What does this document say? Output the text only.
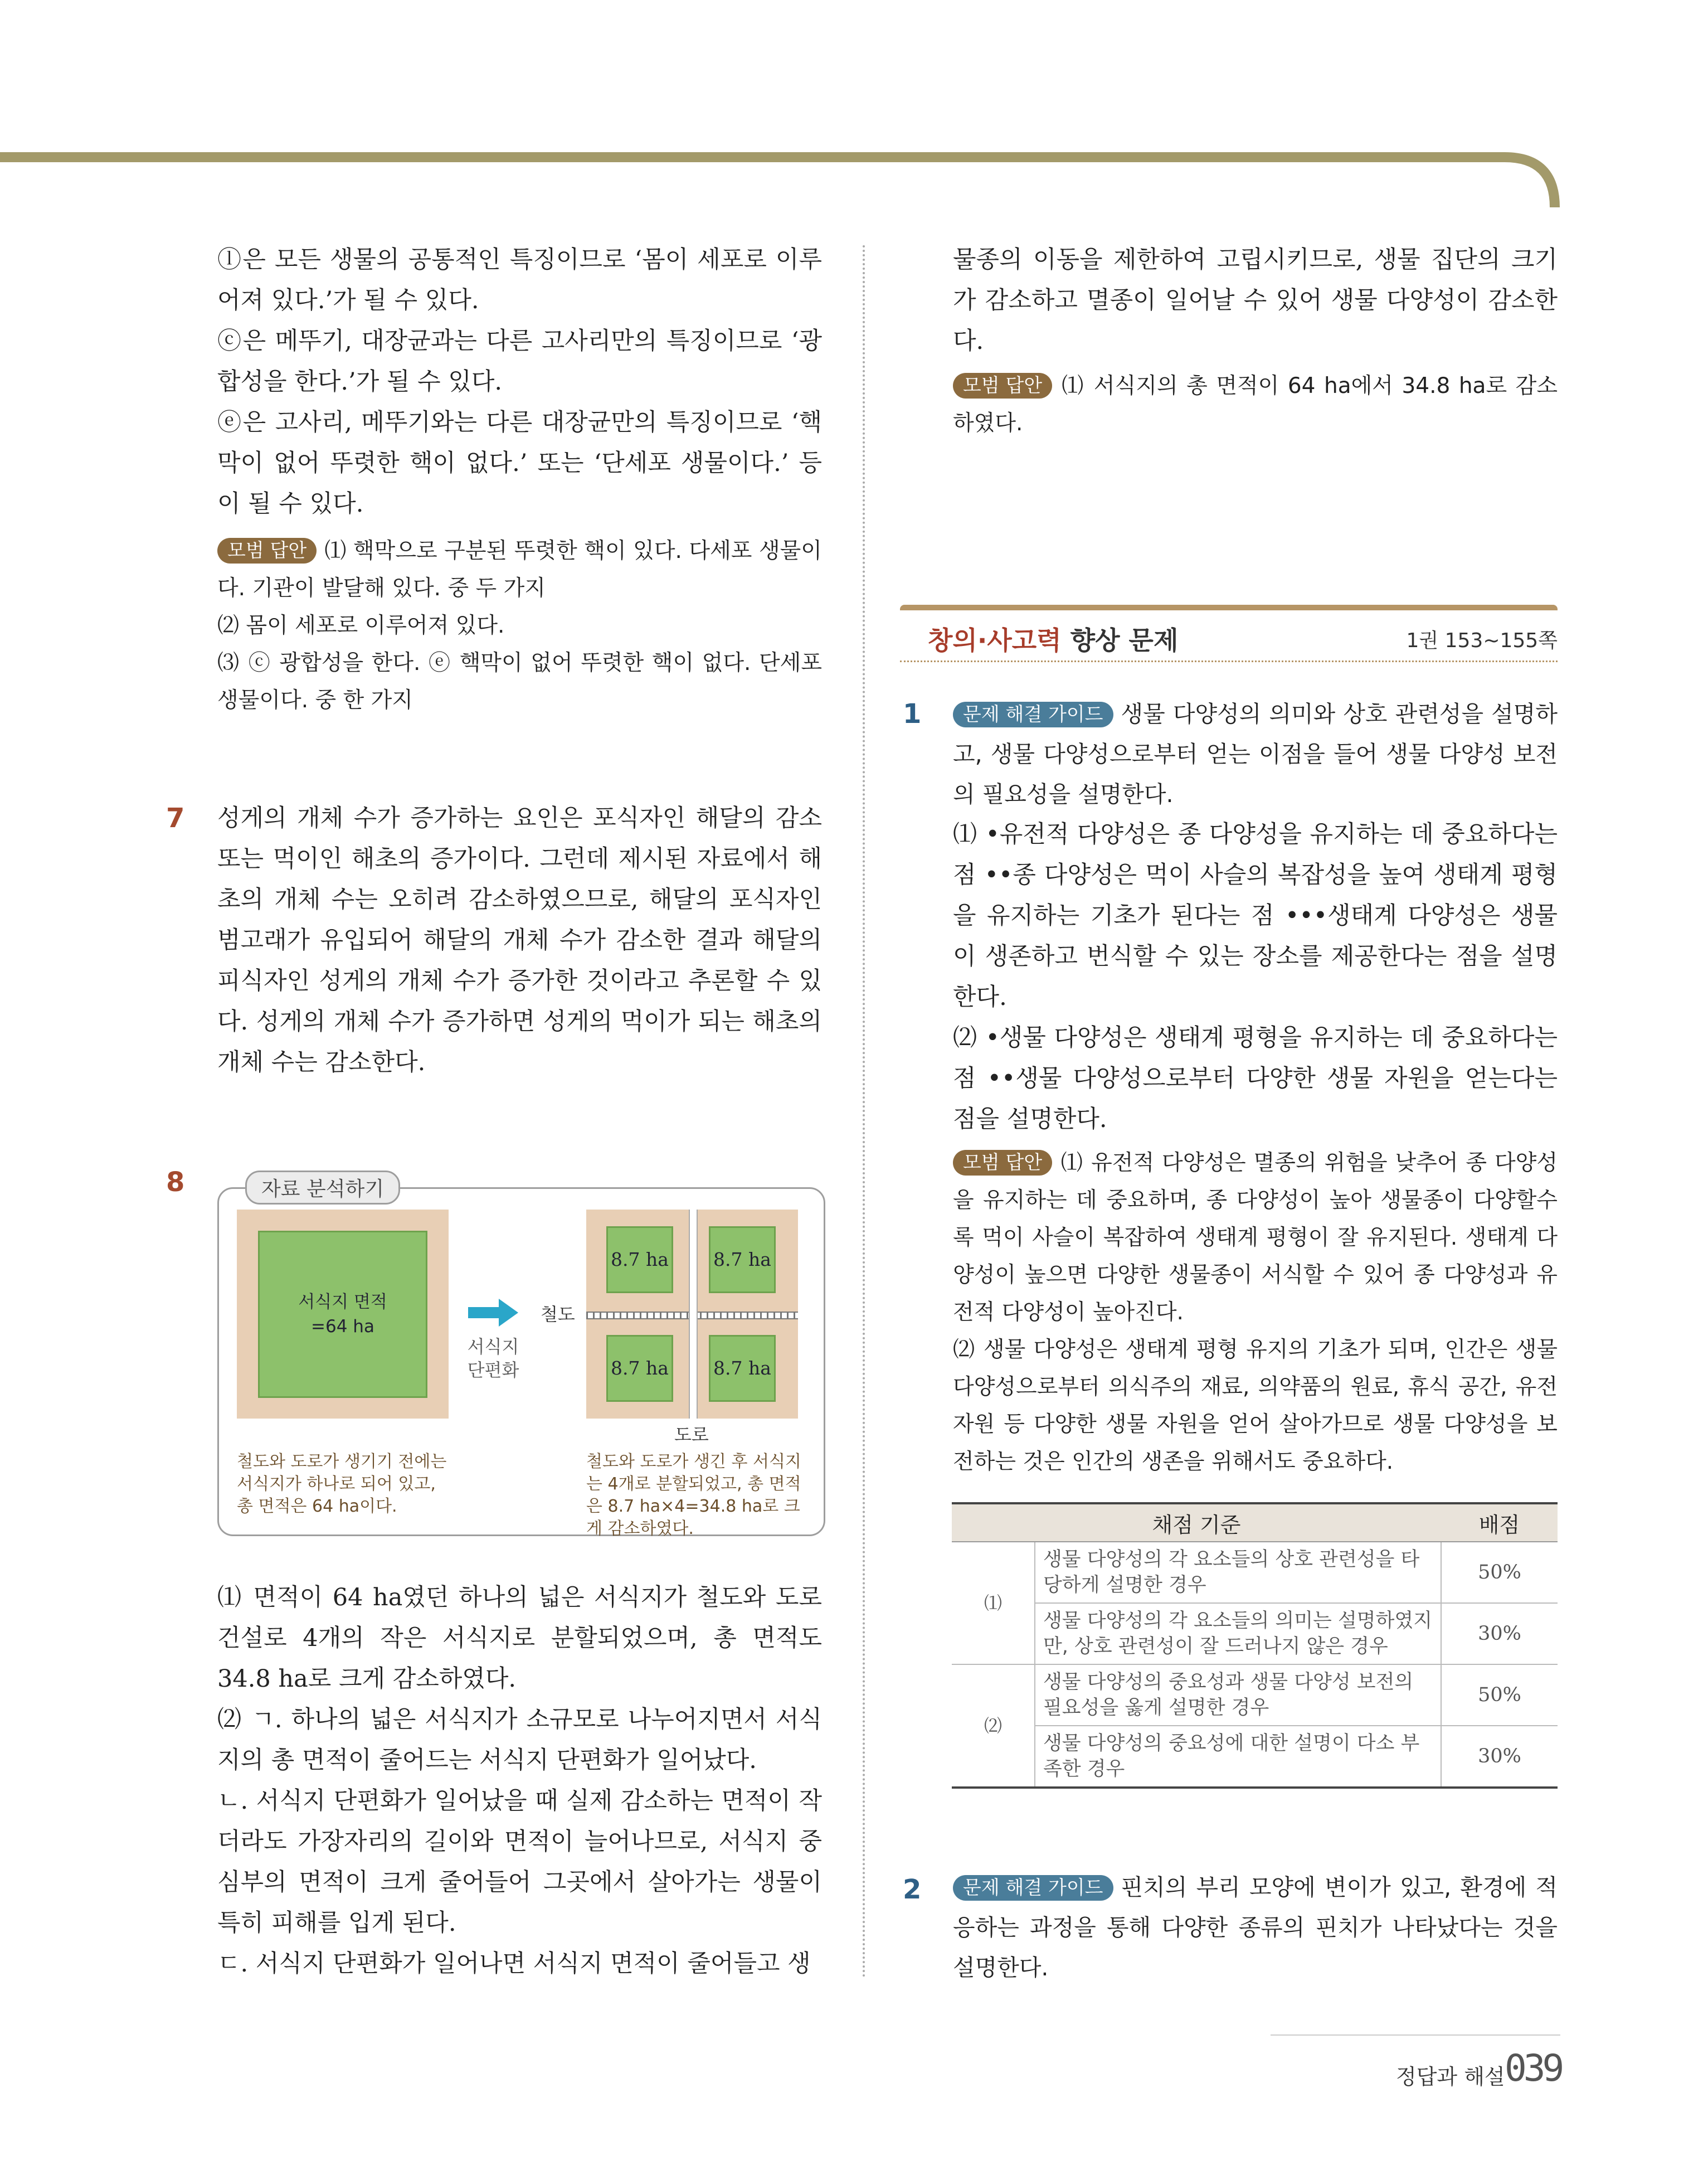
ⓛ은 모든 생물의 공통적인 특징이므로 ‘몸이 세포로 이루어져 있다.’가 될 수 있다.

ⓒ은 메뚜기, 대장균과는 다른 고사리만의 특징이므로 ‘광합성을 한다.’가 될 수 있다.

ⓔ은 고사리, 메뚜기와는 다른 대장균만의 특징이므로 ‘핵막이 없어 뚜렷한 핵이 없다.’ 또는 ‘단세포 생물이다.’ 등이 될 수 있다.

모범 답안 ⑴ 핵막으로 구분된 뚜렷한 핵이 있다. 다세포 생물이다. 기관이 발달해 있다. 중 두 가지

⑵ 몸이 세포로 이루어져 있다.

⑶ ⓒ 광합성을 한다. ⓔ 핵막이 없어 뚜렷한 핵이 없다. 단세포 생물이다. 중 한 가지

7 성게의 개체 수가 증가하는 요인은 포식자인 해달의 감소 또는 먹이인 해초의 증가이다. 그런데 제시된 자료에서 해초의 개체 수는 오히려 감소하였으므로, 해달의 포식자인 범고래가 유입되어 해달의 개체 수가 감소한 결과 해달의 피식자인 성게의 개체 수가 증가한 것이라고 추론할 수 있다. 성게의 개체 수가 증가하면 성게의 먹이가 되는 해초의 개체 수는 감소한다.

8	자료 분석하기
서식지 면적
=64 ha
서식지
단편화
철도
8.7 ha 8.7 ha
8.7 ha 8.7 ha
도로
철도와 도로가 생기기 전에는 서식지가 하나로 되어 있고, 총 면적은 64 ha이다.
철도와 도로가 생긴 후 서식지는 4개로 분할되었고, 총 면적은 8.7 ha×4=34.8 ha로 크게 감소하였다.

⑴ 면적이 64 ha였던 하나의 넓은 서식지가 철도와 도로 건설로 4개의 작은 서식지로 분할되었으며, 총 면적도 34.8 ha로 크게 감소하였다.

⑵ ㄱ. 하나의 넓은 서식지가 소규모로 나누어지면서 서식지의 총 면적이 줄어드는 서식지 단편화가 일어났다.

ㄴ. 서식지 단편화가 일어났을 때 실제 감소하는 면적이 작더라도 가장자리의 길이와 면적이 늘어나므로, 서식지 중심부의 면적이 크게 줄어들어 그곳에서 살아가는 생물이 특히 피해를 입게 된다.

ㄷ. 서식지 단편화가 일어나면 서식지 면적이 줄어들고 생

물종의 이동을 제한하여 고립시키므로, 생물 집단의 크기가 감소하고 멸종이 일어날 수 있어 생물 다양성이 감소한다.

모범 답안 ⑴ 서식지의 총 면적이 64 ha에서 34.8 ha로 감소하였다.

창의·사고력 향상 문제	1권 153~155쪽
1	문제 해결 가이드 생물 다양성의 의미와 상호 관련성을 설명하고, 생물 다양성으로부터 얻는 이점을 들어 생물 다양성 보전의 필요성을 설명한다.

⑴ •유전적 다양성은 종 다양성을 유지하는 데 중요하다는 점 ••종 다양성은 먹이 사슬의 복잡성을 높여 생태계 평형을 유지하는 기초가 된다는 점 •••생태계 다양성은 생물이 생존하고 번식할 수 있는 장소를 제공한다는 점을 설명한다.

⑵ •생물 다양성은 생태계 평형을 유지하는 데 중요하다는 점 ••생물 다양성으로부터 다양한 생물 자원을 얻는다는 점을 설명한다.

모범 답안 ⑴ 유전적 다양성은 멸종의 위험을 낮추어 종 다양성을 유지하는 데 중요하며, 종 다양성이 높아 생물종이 다양할수록 먹이 사슬이 복잡하여 생태계 평형이 잘 유지된다. 생태계 다양성이 높으면 다양한 생물종이 서식할 수 있어 종 다양성과 유전적 다양성이 높아진다.

⑵ 생물 다양성은 생태계 평형 유지의 기초가 되며, 인간은 생물 다양성으로부터 의식주의 재료, 의약품의 원료, 휴식 공간, 유전자원 등 다양한 생물 자원을 얻어 살아가므로 생물 다양성을 보전하는 것은 인간의 생존을 위해서도 중요하다.

채점 기준		배점
⑴	생물 다양성의 각 요소들의 상호 관련성을 타당하게 설명한 경우	50%
	생물 다양성의 각 요소들의 의미는 설명하였지만, 상호 관련성이 잘 드러나지 않은 경우	30%
⑵	생물 다양성의 중요성과 생물 다양성 보전의 필요성을 옳게 설명한 경우	50%
	생물 다양성의 중요성에 대한 설명이 다소 부족한 경우	30%
2	문제 해결 가이드 핀치의 부리 모양에 변이가 있고, 환경에 적응하는 과정을 통해 다양한 종류의 핀치가 나타났다는 것을 설명한다.

정답과 해설 039
